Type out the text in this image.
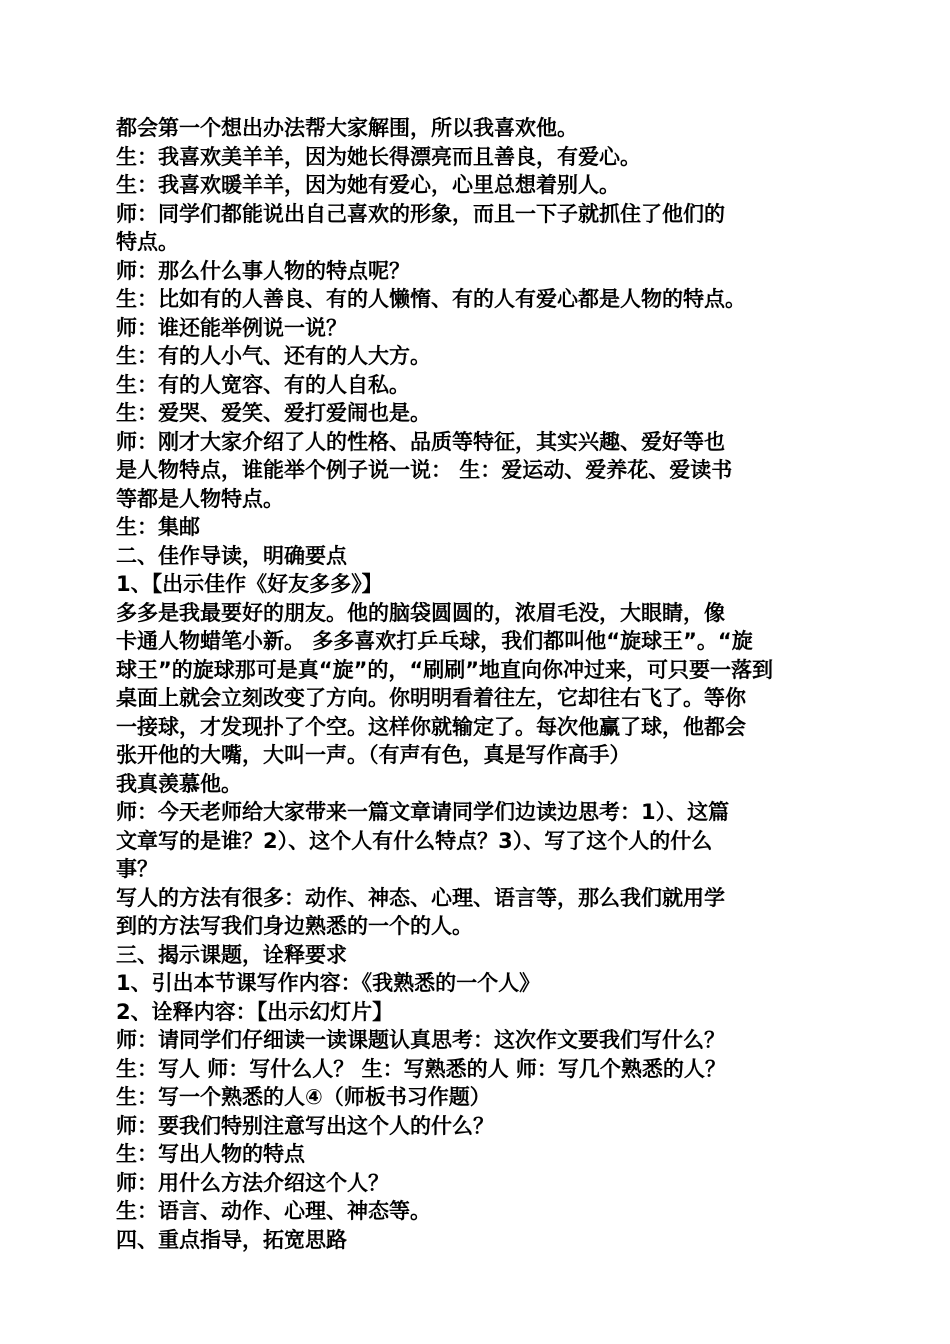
都会第一个想出办法帮大家解围，所以我喜欢他。
生：我喜欢美羊羊，因为她长得漂亮而且善良，有爱心。
生：我喜欢暖羊羊，因为她有爱心，心里总想着别人。
师：同学们都能说出自己喜欢的形象，而且一下子就抓住了他们的
特点。
师：那么什么事人物的特点呢？
生：比如有的人善良、有的人懒惰、有的人有爱心都是人物的特点。
师：谁还能举例说一说？
生：有的人小气、还有的人大方。
生：有的人宽容、有的人自私。
生：爱哭、爱笑、爱打爱闹也是。
师：刚才大家介绍了人的性格、品质等特征，其实兴趣、爱好等也
是人物特点，谁能举个例子说一说： 生：爱运动、爱养花、爱读书
等都是人物特点。
生：集邮
二、佳作导读，明确要点
1、【出示佳作《好友多多》】
多多是我最要好的朋友。他的脑袋圆圆的，浓眉毛没，大眼睛，像
卡通人物蜡笔小新。 多多喜欢打乒乓球，我们都叫他“旋球王”。“旋
球王”的旋球那可是真“旋”的，“刷刷”地直向你冲过来，可只要一落到
桌面上就会立刻改变了方向。你明明看着往左，它却往右飞了。等你
一接球，才发现扑了个空。这样你就输定了。每次他赢了球，他都会
张开他的大嘴，大叫一声。（有声有色，真是写作高手）
我真羡慕他。
师：今天老师给大家带来一篇文章请同学们边读边思考：1）、这篇
文章写的是谁？2）、这个人有什么特点？3）、写了这个人的什么
事？
写人的方法有很多：动作、神态、心理、语言等，那么我们就用学
到的方法写我们身边熟悉的一个的人。
三、揭示课题，诠释要求
1、引出本节课写作内容：《我熟悉的一个人》
2、诠释内容：【出示幻灯片】
师：请同学们仔细读一读课题认真思考：这次作文要我们写什么？
生：写人 师：写什么人？ 生：写熟悉的人 师：写几个熟悉的人？
生：写一个熟悉的人④（师板书习作题）
师：要我们特别注意写出这个人的什么？
生：写出人物的特点
师：用什么方法介绍这个人？
生：语言、动作、心理、神态等。
四、重点指导，拓宽思路
